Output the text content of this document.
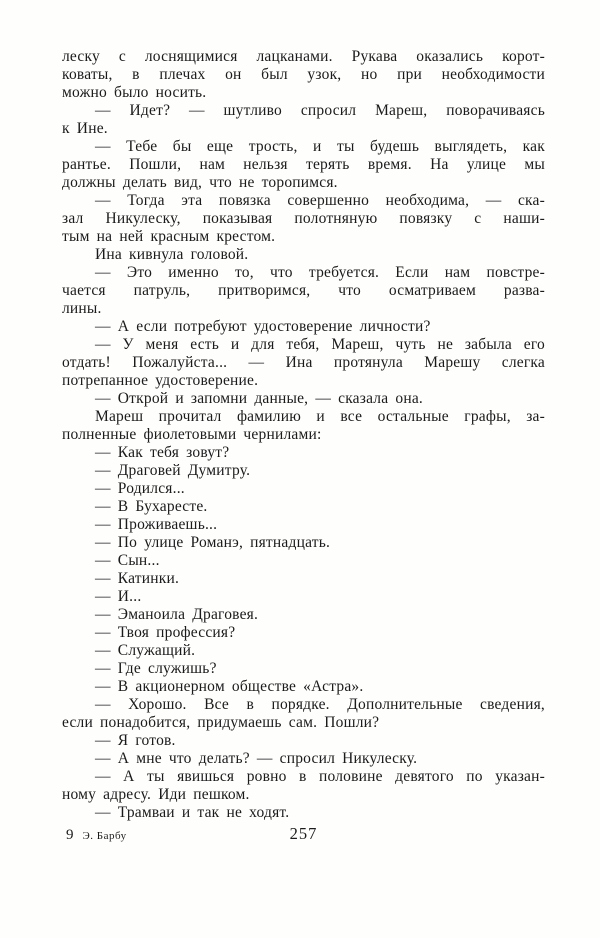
леску с лоснящимися лацканами. Рукава оказались корот-
коваты, в плечах он был узок, но при необходимости
можно было носить.
— Идет? — шутливо спросил Мареш, поворачиваясь
к Ине.
— Тебе бы еще трость, и ты будешь выглядеть, как
рантье. Пошли, нам нельзя терять время. На улице мы
должны делать вид, что не торопимся.
— Тогда эта повязка совершенно необходима, — ска-
зал Никулеску, показывая полотняную повязку с наши-
тым на ней красным крестом.
Ина кивнула головой.
— Это именно то, что требуется. Если нам повстре-
чается патруль, притворимся, что осматриваем разва-
лины.
— А если потребуют удостоверение личности?
— У меня есть и для тебя, Мареш, чуть не забыла его
отдать! Пожалуйста... — Ина протянула Марешу слегка
потрепанное удостоверение.
— Открой и запомни данные, — сказала она.
Мареш прочитал фамилию и все остальные графы, за-
полненные фиолетовыми чернилами:
— Как тебя зовут?
— Драговей Думитру.
— Родился...
— В Бухаресте.
— Проживаешь...
— По улице Романэ, пятнадцать.
— Сын...
— Катинки.
— И...
— Эманоила Драговея.
— Твоя профессия?
— Служащий.
— Где служишь?
— В акционерном обществе «Астра».
— Хорошо. Все в порядке. Дополнительные сведения,
если понадобится, придумаешь сам. Пошли?
— Я готов.
— А мне что делать? — спросил Никулеску.
— А ты явишься ровно в половине девятого по указан-
ному адресу. Иди пешком.
— Трамваи и так не ходят.
9 Э. Барбу	257
